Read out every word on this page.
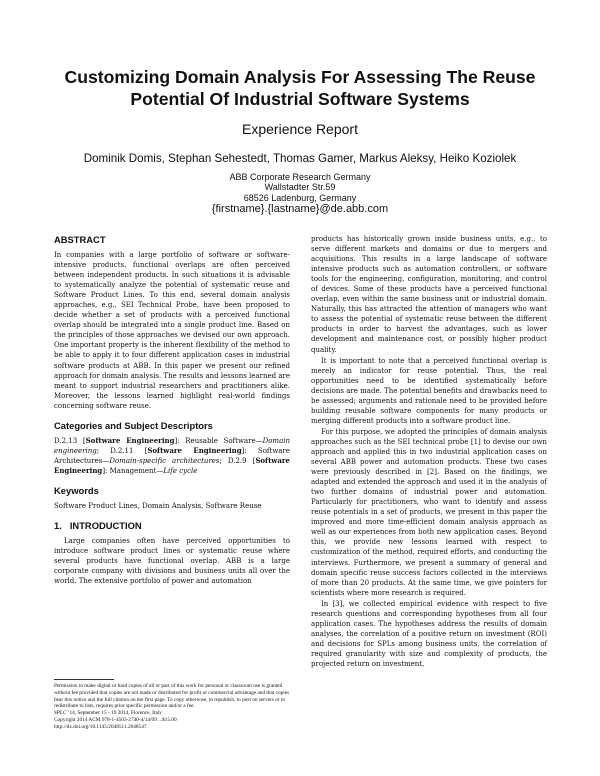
Customizing Domain Analysis For Assessing The Reuse Potential Of Industrial Software Systems

Experience Report

Dominik Domis, Stephan Sehestedt, Thomas Gamer, Markus Aleksy, Heiko Koziolek

ABB Corporate Research Germany
Wallstadter Str.59
68526 Ladenburg, Germany
{firstname}.{lastname}@de.abb.com
ABSTRACT

In companies with a large portfolio of software or software-intensive products, functional overlaps are often perceived between independent products. In such situations it is advisable to systematically analyze the potential of systematic reuse and Software Product Lines. To this end, several domain analysis approaches, e.g., SEI Technical Probe, have been proposed to decide whether a set of products with a perceived functional overlap should be integrated into a single product line. Based on the principles of those approaches we devised our own approach. One important property is the inherent flexibility of the method to be able to apply it to four different application cases in industrial software products at ABB. In this paper we present our refined approach for domain analysis. The results and lessons learned are meant to support industrial researchers and practitioners alike. Moreover, the lessons learned highlight real-world findings concerning software reuse.

Categories and Subject Descriptors

D.2.13 [Software Engineering]: Reusable Software—Domain engineering; D.2.11 [Software Engineering]: Software Architectures—Domain-specific architectures; D.2.9 [Software Engineering]: Management—Life cycle

Keywords

Software Product Lines, Domain Analysis, Software Reuse

1. INTRODUCTION

Large companies often have perceived opportunities to introduce software product lines or systematic reuse where several products have functional overlap. ABB is a large corporate company with divisions and business units all over the world. The extensive portfolio of power and automation

Permission to make digital or hard copies of all or part of this work for personal or classroom use is granted without fee provided that copies are not made or distributed for profit or commercial advantage and that copies bear this notice and the full citation on the first page. To copy otherwise, to republish, to post on servers or to redistribute to lists, requires prior specific permission and/or a fee.

SPLC ’14, September 15 - 19 2014, Florence, Italy

Copyright 2014 ACM 978-1-4503-2740-4/14/09 ...$15.00

http://dx.doi.org/10.1145/2648511.2648547.

products has historically grown inside business units, e.g., to serve different markets and domains or due to mergers and acquisitions. This results in a large landscape of software intensive products such as automation controllers, or software tools for the engineering, configuration, monitoring, and control of devices. Some of these products have a perceived functional overlap, even within the same business unit or industrial domain. Naturally, this has attracted the attention of managers who want to assess the potential of systematic reuse between the different products in order to harvest the advantages, such as lower development and maintenance cost, or possibly higher product quality.

It is important to note that a perceived functional overlap is merely an indicator for reuse potential. Thus, the real opportunities need to be identified systematically before decisions are made. The potential benefits and drawbacks need to be assessed; arguments and rationale need to be provided before building reusable software components for many products or merging different products into a software product line.

For this purpose, we adopted the principles of domain analysis approaches such as the SEI technical probe [1] to devise our own approach and applied this in two industrial application cases on several ABB power and automation products. These two cases were previously described in [2]. Based on the findings, we adapted and extended the approach and used it in the analysis of two further domains of industrial power and automation. Particularly for practitioners, who want to identify and assess reuse potentials in a set of products, we present in this paper the improved and more time-efficient domain analysis approach as well as our experiences from both new application cases. Beyond this, we provide new lessons learned with respect to customization of the method, required efforts, and conducting the interviews. Furthermore, we present a summary of general and domain specific reuse success factors collected in the interviews of more than 20 products. At the same time, we give pointers for scientists where more research is required.

In [3], we collected empirical evidence with respect to five research questions and corresponding hypotheses from all four application cases. The hypotheses address the results of domain analyses, the correlation of a positive return on investment (ROI) and decisions for SPLs among business units, the correlation of required granularity with size and complexity of products, the projected return on investment,
